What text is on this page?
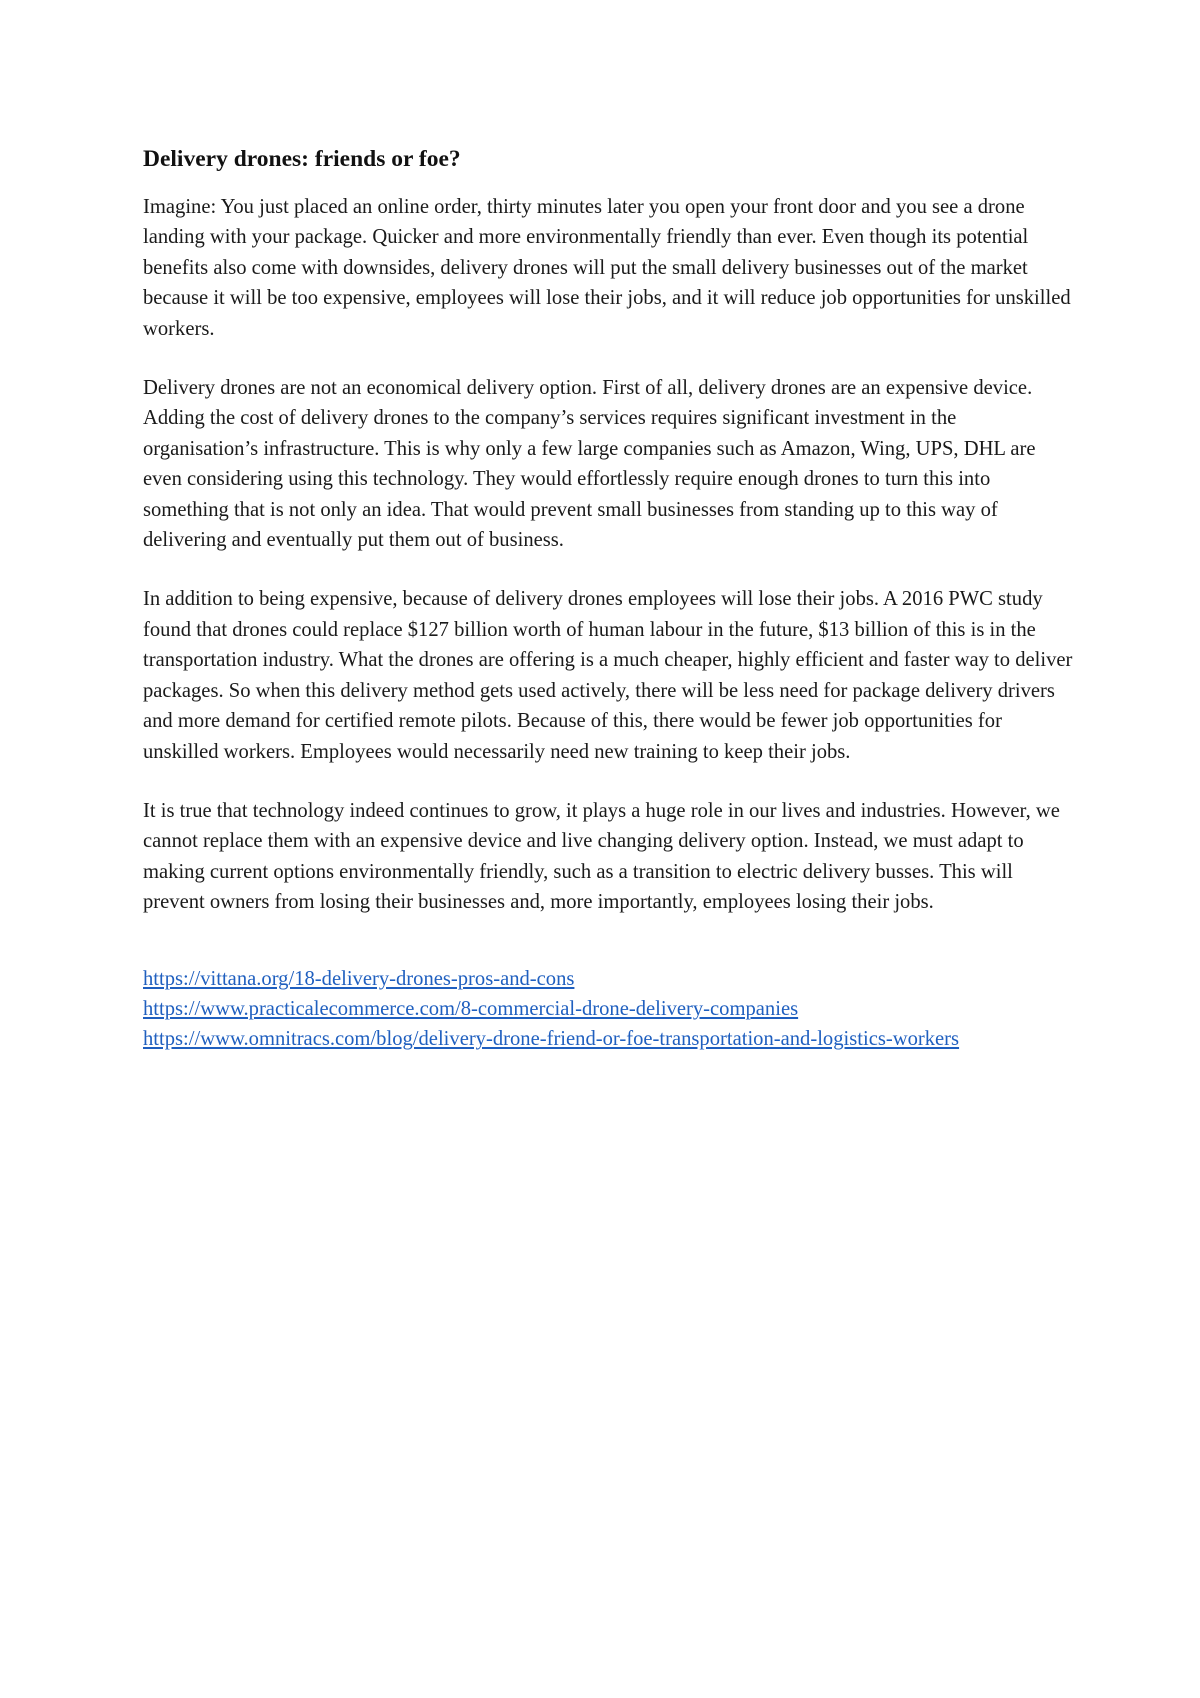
Delivery drones: friends or foe?

Imagine: You just placed an online order, thirty minutes later you open your front door and you see a drone landing with your package. Quicker and more environmentally friendly than ever. Even though its potential benefits also come with downsides, delivery drones will put the small delivery businesses out of the market because it will be too expensive, employees will lose their jobs, and it will reduce job opportunities for unskilled workers.

Delivery drones are not an economical delivery option. First of all, delivery drones are an expensive device. Adding the cost of delivery drones to the company’s services requires significant investment in the organisation’s infrastructure. This is why only a few large companies such as Amazon, Wing, UPS, DHL are even considering using this technology. They would effortlessly require enough drones to turn this into something that is not only an idea. That would prevent small businesses from standing up to this way of delivering and eventually put them out of business.

In addition to being expensive, because of delivery drones employees will lose their jobs. A 2016 PWC study found that drones could replace $127 billion worth of human labour in the future, $13 billion of this is in the transportation industry. What the drones are offering is a much cheaper, highly efficient and faster way to deliver packages. So when this delivery method gets used actively, there will be less need for package delivery drivers and more demand for certified remote pilots. Because of this, there would be fewer job opportunities for unskilled workers. Employees would necessarily need new training to keep their jobs.

It is true that technology indeed continues to grow, it plays a huge role in our lives and industries. However, we cannot replace them with an expensive device and live changing delivery option. Instead, we must adapt to making current options environmentally friendly, such as a transition to electric delivery busses. This will prevent owners from losing their businesses and, more importantly, employees losing their jobs.

https://vittana.org/18-delivery-drones-pros-and-cons
https://www.practicalecommerce.com/8-commercial-drone-delivery-companies
https://www.omnitracs.com/blog/delivery-drone-friend-or-foe-transportation-and-logistics-workers
